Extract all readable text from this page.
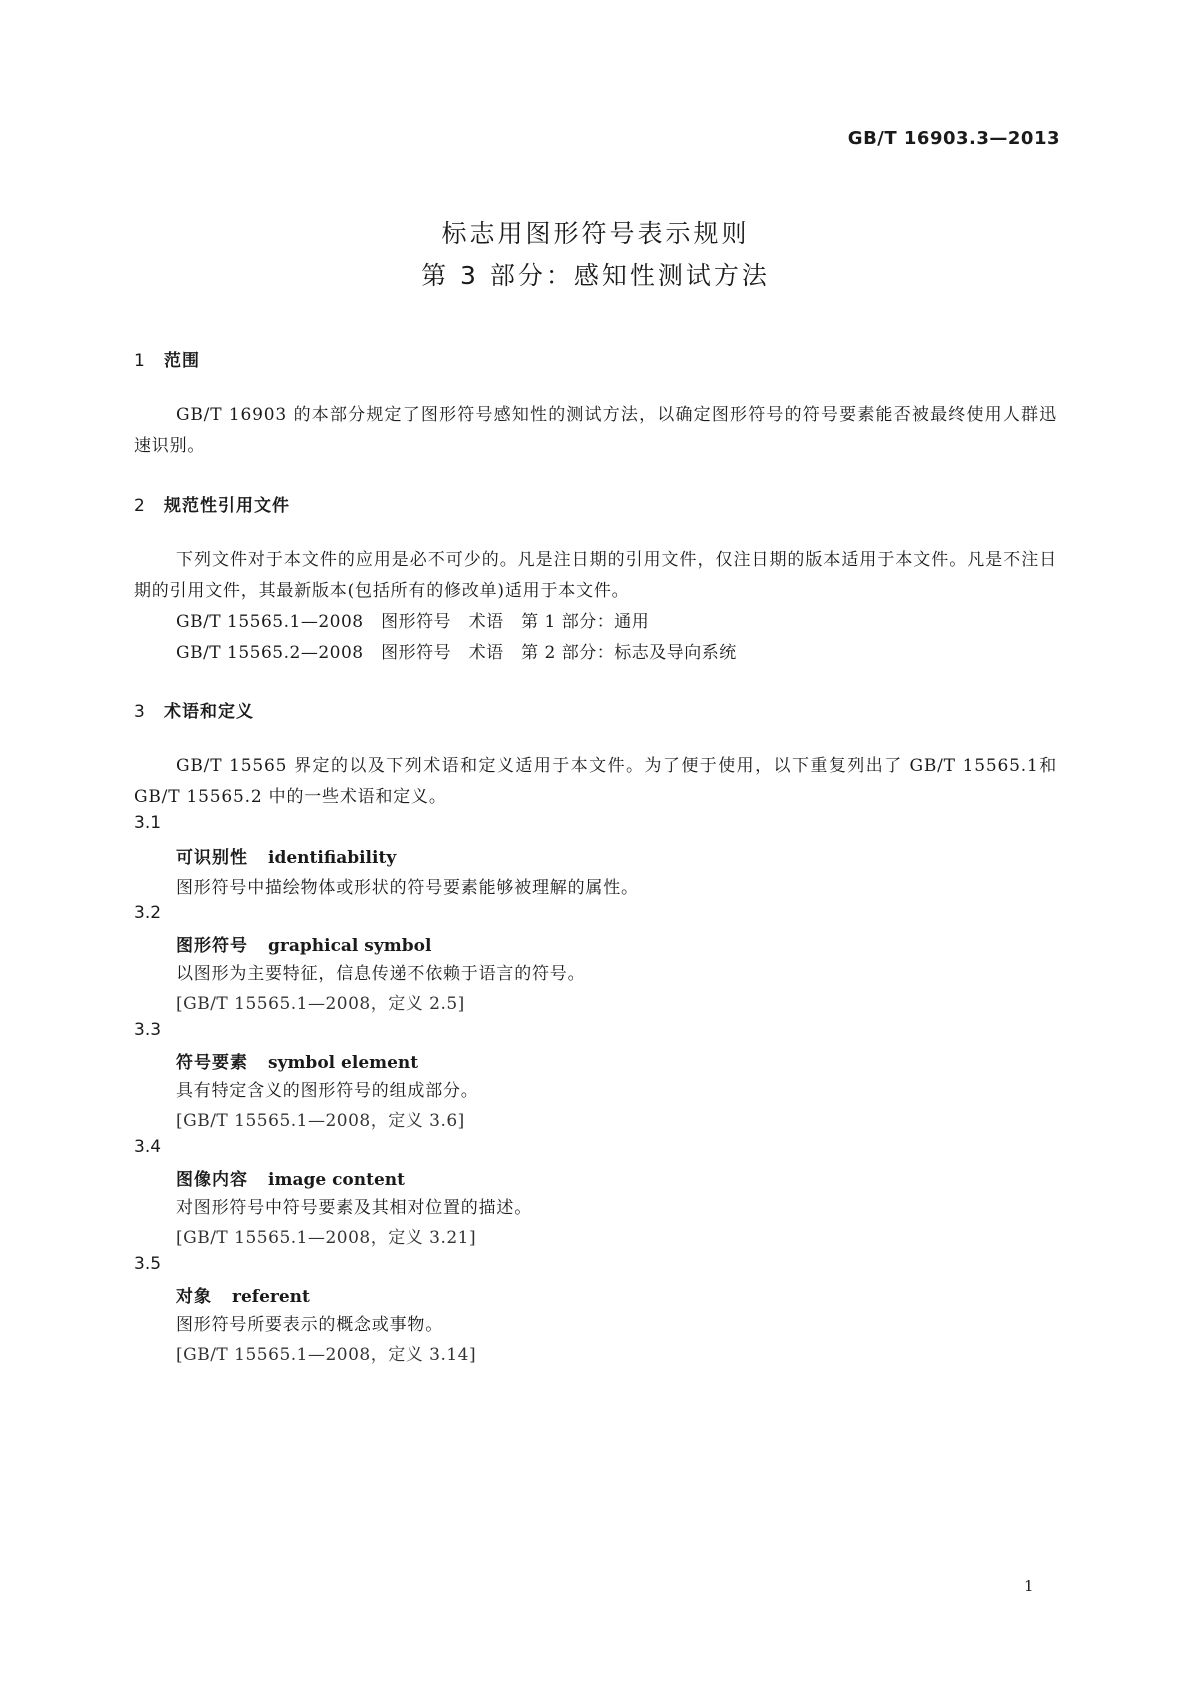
GB/T 16903.3—2013
标志用图形符号表示规则
第 3 部分：感知性测试方法
1 范围
GB/T 16903 的本部分规定了图形符号感知性的测试方法，以确定图形符号的符号要素能否被最终使用人群迅速识别。
2 规范性引用文件
下列文件对于本文件的应用是必不可少的。凡是注日期的引用文件，仅注日期的版本适用于本文件。凡是不注日期的引用文件，其最新版本(包括所有的修改单)适用于本文件。
GB/T 15565.1—2008　图形符号　术语　第 1 部分：通用
GB/T 15565.2—2008　图形符号　术语　第 2 部分：标志及导向系统
3 术语和定义
GB/T 15565 界定的以及下列术语和定义适用于本文件。为了便于使用，以下重复列出了 GB/T 15565.1和 GB/T 15565.2 中的一些术语和定义。
3.1
可识别性 identifiability
图形符号中描绘物体或形状的符号要素能够被理解的属性。
3.2
图形符号 graphical symbol
以图形为主要特征，信息传递不依赖于语言的符号。
[GB/T 15565.1—2008，定义 2.5]
3.3
符号要素 symbol element
具有特定含义的图形符号的组成部分。
[GB/T 15565.1—2008，定义 3.6]
3.4
图像内容 image content
对图形符号中符号要素及其相对位置的描述。
[GB/T 15565.1—2008，定义 3.21]
3.5
对象 referent
图形符号所要表示的概念或事物。
[GB/T 15565.1—2008，定义 3.14]
1
